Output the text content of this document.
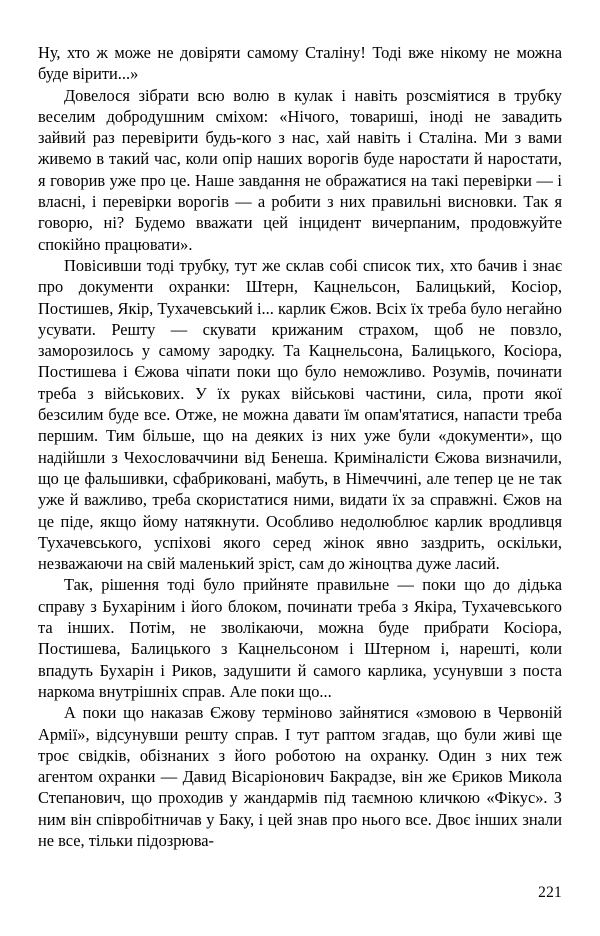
Ну, хто ж може не довіряти самому Сталіну! Тоді вже нікому не можна буде вірити...»

Довелося зібрати всю волю в кулак і навіть розсміятися в трубку веселим добродушним сміхом: «Нічого, товариші, іноді не завадить зайвий раз перевірити будь-кого з нас, хай навіть і Сталіна. Ми з вами живемо в такий час, коли опір наших ворогів буде наростати й наростати, я говорив уже про це. Наше завдання не ображатися на такі перевірки — і власні, і перевірки ворогів — а робити з них правильні висновки. Так я говорю, ні? Будемо вважати цей інцидент вичерпаним, продовжуйте спокійно працювати».

Повісивши тоді трубку, тут же склав собі список тих, хто бачив і знає про документи охранки: Штерн, Кацнельсон, Балицький, Косіор, Постишев, Якір, Тухачевський і... карлик Єжов. Всіх їх треба було негайно усувати. Решту — скувати крижаним страхом, щоб не повзло, заморозилось у самому зародку. Та Кацнельсона, Балицького, Косіора, Постишева і Єжова чіпати поки що було неможливо. Розумів, починати треба з військових. У їх руках військові частини, сила, проти якої безсилим буде все. Отже, не можна давати їм опам'ятатися, напасти треба першим. Тим більше, що на деяких із них уже були «документи», що надійшли з Чехословаччини від Бенеша. Криміналісти Єжова визначили, що це фальшивки, сфабриковані, мабуть, в Німеччині, але тепер це не так уже й важливо, треба скористатися ними, видати їх за справжні. Єжов на це піде, якщо йому натякнути. Особливо недолюблює карлик вродливця Тухачевського, успіхові якого серед жінок явно заздрить, оскільки, незважаючи на свій маленький зріст, сам до жіноцтва дуже ласий.

Так, рішення тоді було прийняте правильне — поки що до дідька справу з Бухаріним і його блоком, починати треба з Якіра, Тухачевського та інших. Потім, не зволікаючи, можна буде прибрати Косіора, Постишева, Балицького з Кацнельсоном і Штерном і, нарешті, коли впадуть Бухарін і Риков, задушити й самого карлика, усунувши з поста наркома внутрішніх справ. Але поки що...

А поки що наказав Єжову терміново зайнятися «змовою в Червоній Армії», відсунувши решту справ. І тут раптом згадав, що були живі ще троє свідків, обізнаних з його роботою на охранку. Один з них теж агентом охранки — Давид Вісаріонович Бакрадзе, він же Єриков Микола Степанович, що проходив у жандармів під таємною кличкою «Фікус». З ним він співробітничав у Баку, і цей знав про нього все. Двоє інших знали не все, тільки підозрюва-

221
